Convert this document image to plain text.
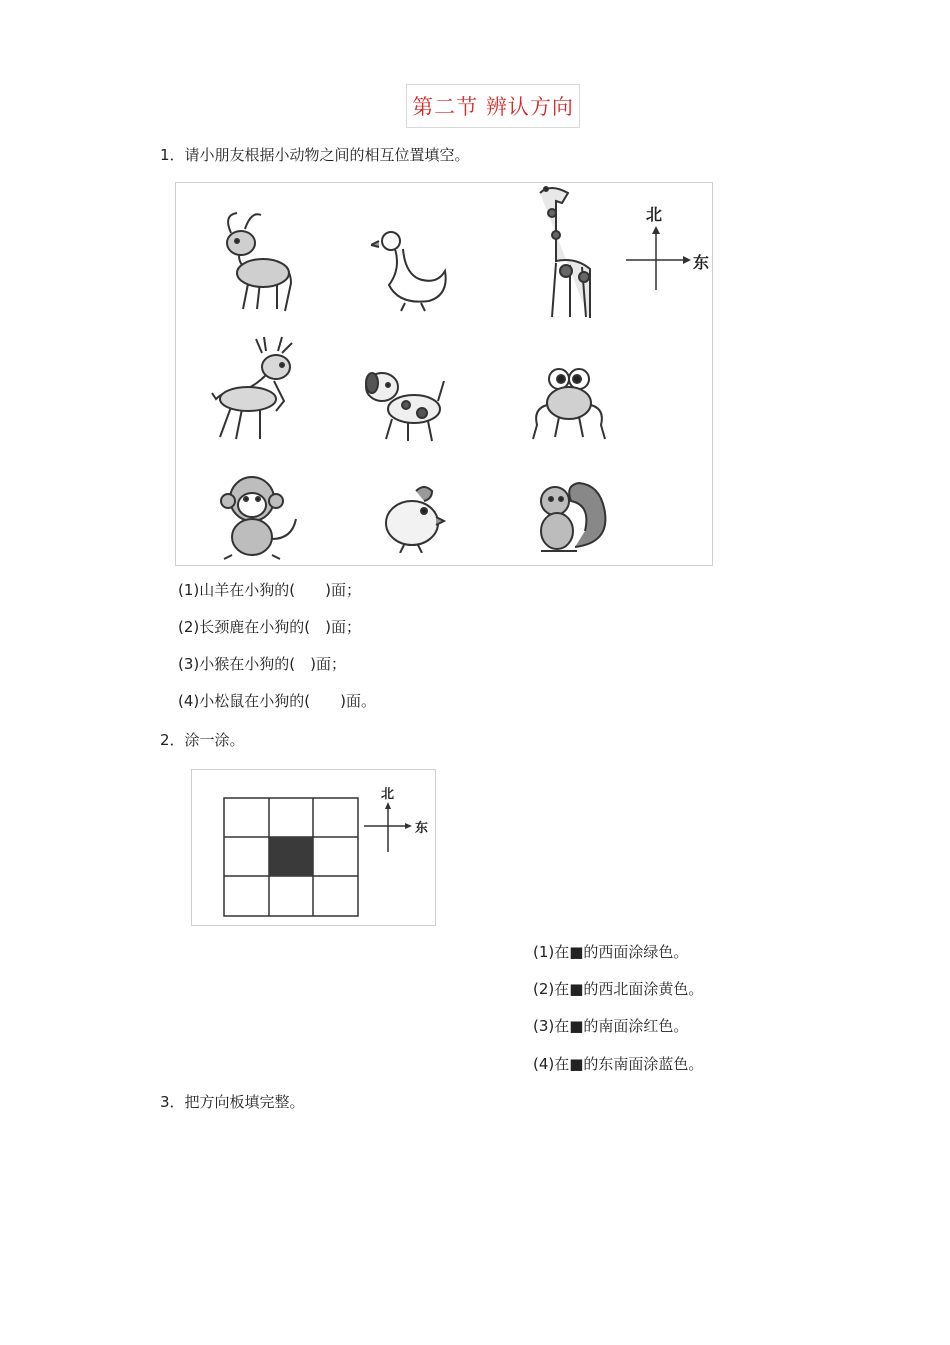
第二节 辨认方向
1．请小朋友根据小动物之间的相互位置填空。
北
东
(1)山羊在小狗的(　　)面；
(2)长颈鹿在小狗的(　)面；
(3)小猴在小狗的(　)面；
(4)小松鼠在小狗的(　　)面。
2．涂一涂。
北
东
(1)在■的西面涂绿色。
(2)在■的西北面涂黄色。
(3)在■的南面涂红色。
(4)在■的东南面涂蓝色。
3．把方向板填完整。
